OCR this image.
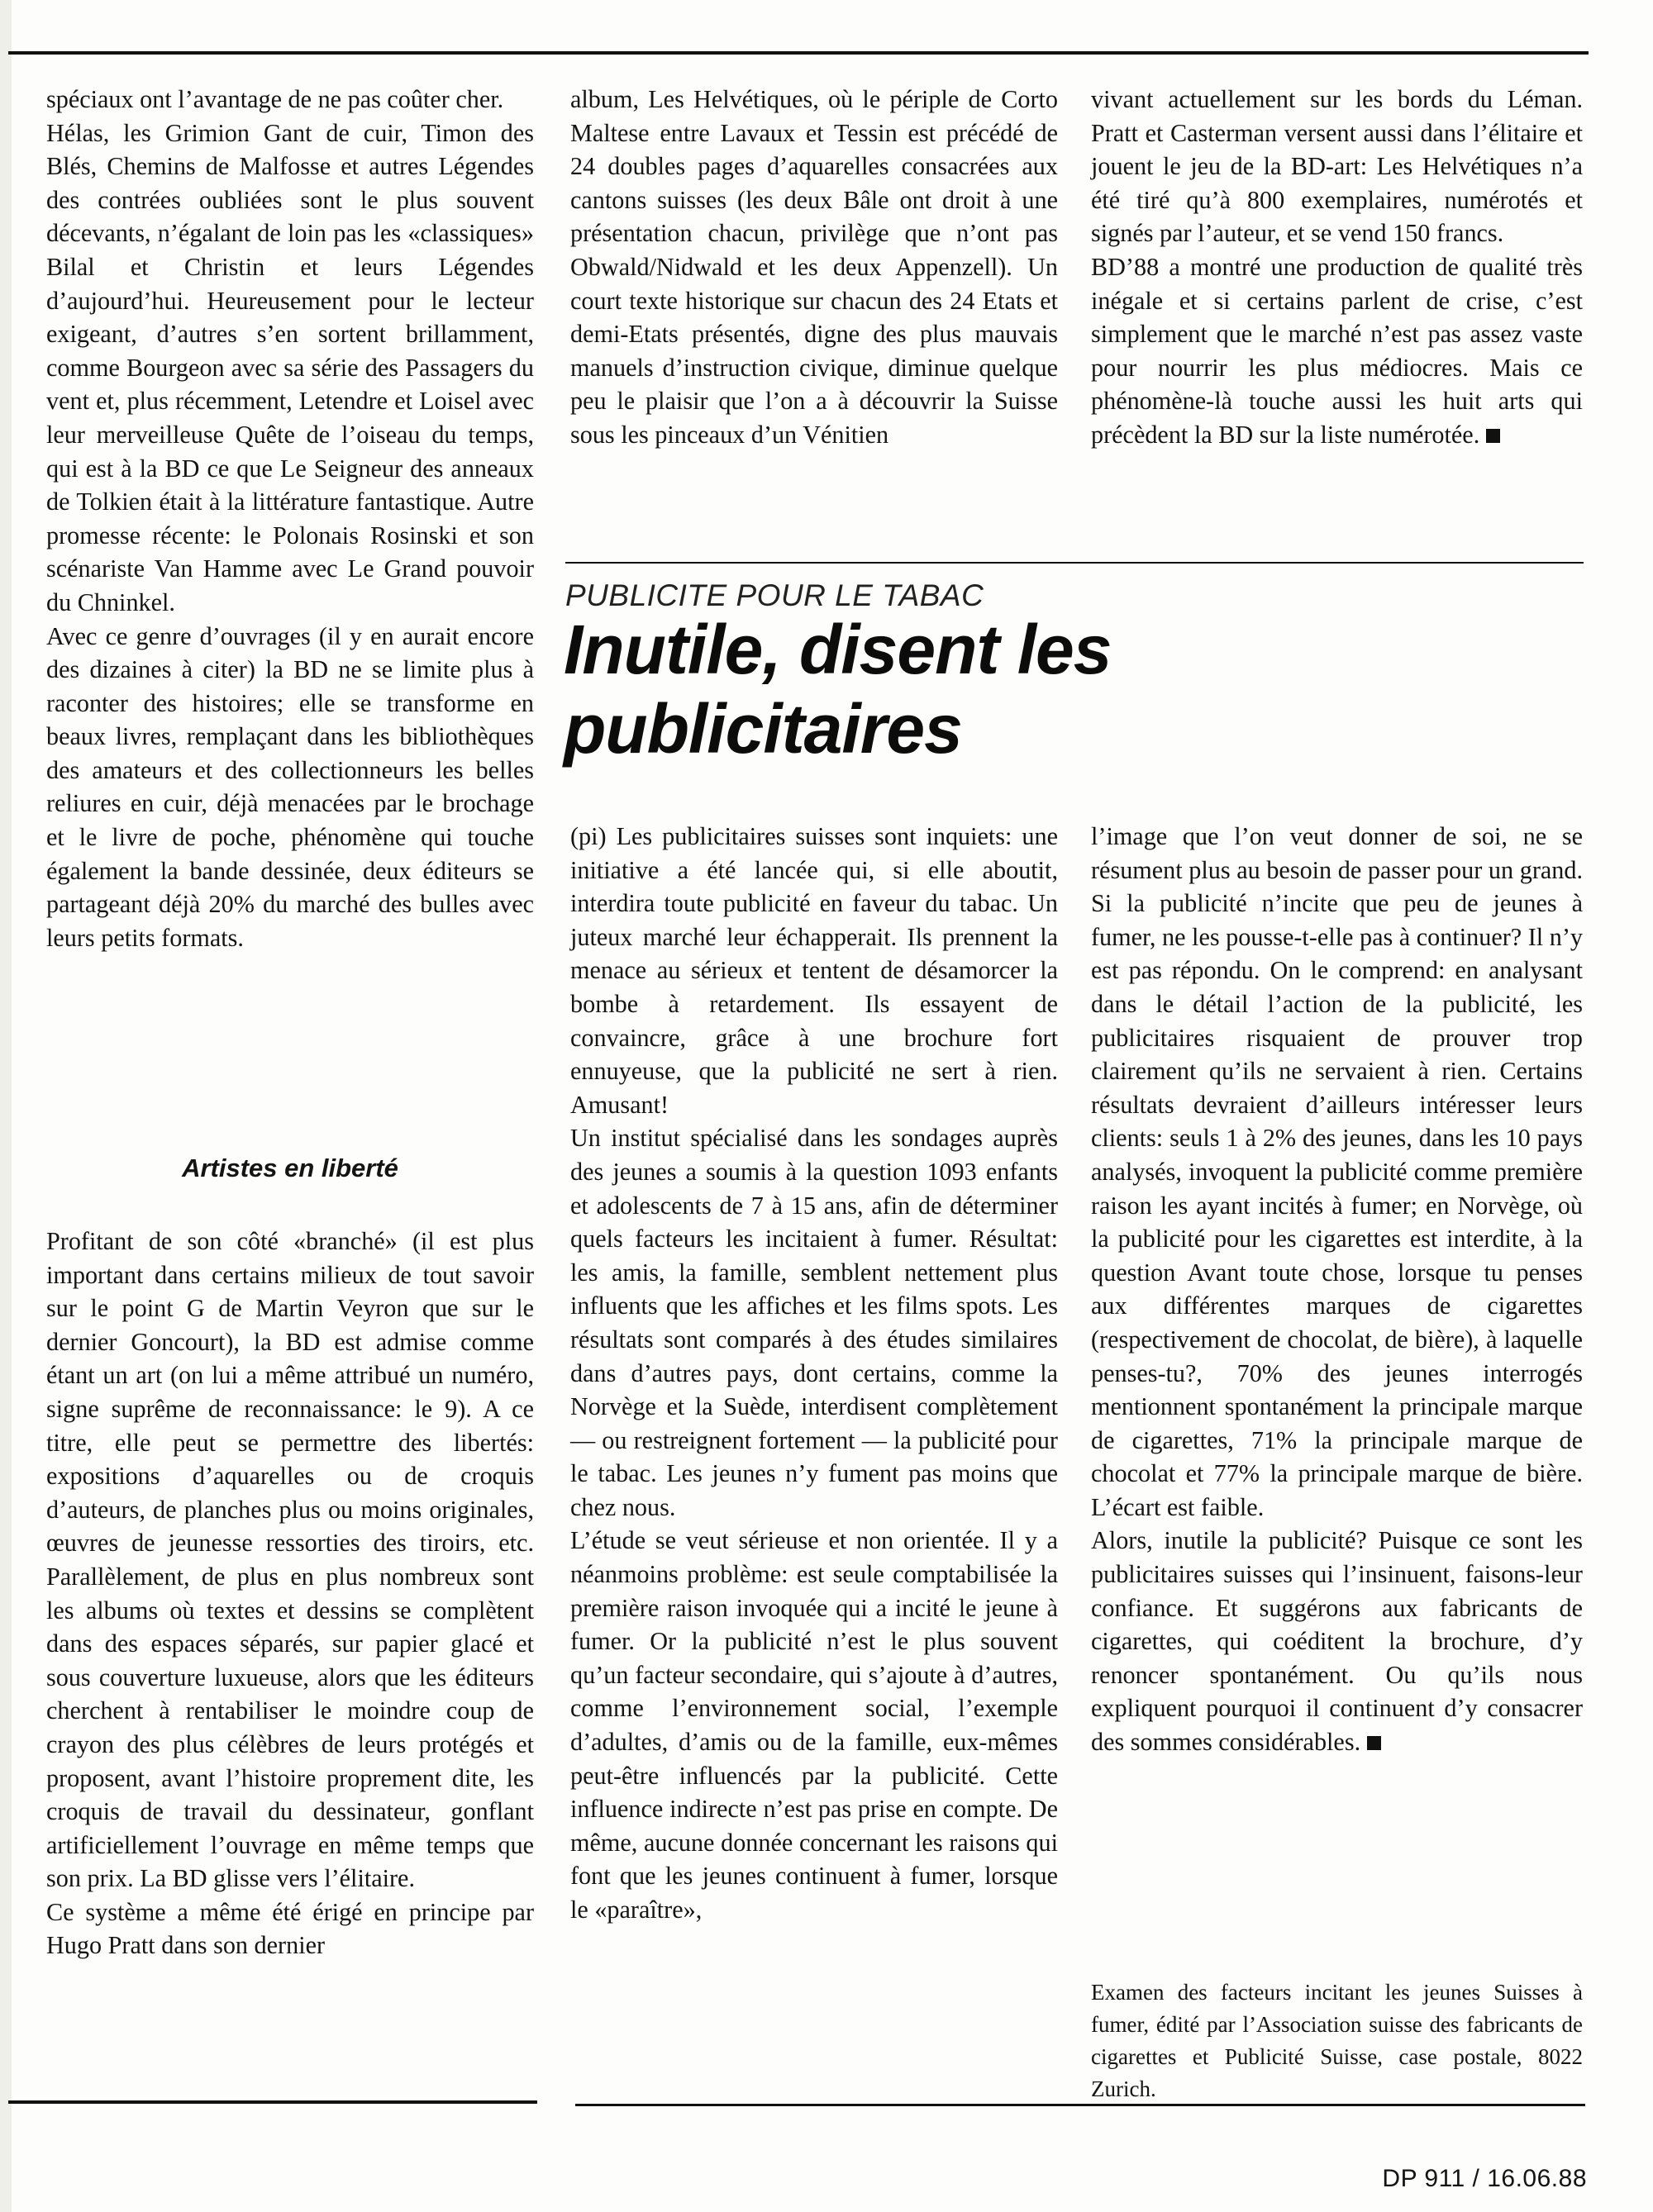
spéciaux ont l’avantage de ne pas coûter cher.

Hélas, les Grimion Gant de cuir, Timon des Blés, Chemins de Malfosse et autres Légendes des contrées oubliées sont le plus souvent décevants, n’égalant de loin pas les «classiques» Bilal et Christin et leurs Légendes d’aujourd’hui. Heureusement pour le lecteur exigeant, d’autres s’en sortent brillamment, comme Bourgeon avec sa série des Passagers du vent et, plus récemment, Letendre et Loisel avec leur merveilleuse Quête de l’oiseau du temps, qui est à la BD ce que Le Seigneur des anneaux de Tolkien était à la littérature fantastique. Autre promesse récente: le Polonais Rosinski et son scénariste Van Hamme avec Le Grand pouvoir du Chninkel.

Avec ce genre d’ouvrages (il y en aurait encore des dizaines à citer) la BD ne se limite plus à raconter des histoires; elle se transforme en beaux livres, remplaçant dans les bibliothèques des amateurs et des collectionneurs les belles reliures en cuir, déjà menacées par le brochage et le livre de poche, phénomène qui touche également la bande dessinée, deux éditeurs se partageant déjà 20% du marché des bulles avec leurs petits formats.

Artistes en liberté

Profitant de son côté «branché» (il est plus important dans certains milieux de tout savoir sur le point G de Martin Veyron que sur le dernier Goncourt), la BD est admise comme étant un art (on lui a même attribué un numéro, signe suprême de reconnaissance: le 9). A ce titre, elle peut se permettre des libertés: expositions d’aquarelles ou de croquis d’auteurs, de planches plus ou moins originales, œuvres de jeunesse ressorties des tiroirs, etc. Parallèlement, de plus en plus nombreux sont les albums où textes et dessins se complètent dans des espaces séparés, sur papier glacé et sous couverture luxueuse, alors que les éditeurs cherchent à rentabiliser le moindre coup de crayon des plus célèbres de leurs protégés et proposent, avant l’histoire proprement dite, les croquis de travail du dessinateur, gonflant artificiellement l’ouvrage en même temps que son prix. La BD glisse vers l’élitaire.

Ce système a même été érigé en principe par Hugo Pratt dans son dernier

album, Les Helvétiques, où le périple de Corto Maltese entre Lavaux et Tessin est précédé de 24 doubles pages d’aquarelles consacrées aux cantons suisses (les deux Bâle ont droit à une présentation chacun, privilège que n’ont pas Obwald/Nidwald et les deux Appenzell). Un court texte historique sur chacun des 24 Etats et demi-Etats présentés, digne des plus mauvais manuels d’instruction civique, diminue quelque peu le plaisir que l’on a à découvrir la Suisse sous les pinceaux d’un Vénitien

vivant actuellement sur les bords du Léman. Pratt et Casterman versent aussi dans l’élitaire et jouent le jeu de la BD-art: Les Helvétiques n’a été tiré qu’à 800 exemplaires, numérotés et signés par l’auteur, et se vend 150 francs.

BD’88 a montré une production de qualité très inégale et si certains parlent de crise, c’est simplement que le marché n’est pas assez vaste pour nourrir les plus médiocres. Mais ce phénomène-là touche aussi les huit arts qui précèdent la BD sur la liste numérotée.

PUBLICITE POUR LE TABAC
Inutile, disent les
publicitaires

(pi) Les publicitaires suisses sont inquiets: une initiative a été lancée qui, si elle aboutit, interdira toute publicité en faveur du tabac. Un juteux marché leur échapperait. Ils prennent la menace au sérieux et tentent de désamorcer la bombe à retardement. Ils essayent de convaincre, grâce à une brochure fort ennuyeuse, que la publicité ne sert à rien. Amusant!

Un institut spécialisé dans les sondages auprès des jeunes a soumis à la question 1093 enfants et adolescents de 7 à 15 ans, afin de déterminer quels facteurs les incitaient à fumer. Résultat: les amis, la famille, semblent nettement plus influents que les affiches et les films spots. Les résultats sont comparés à des études similaires dans d’autres pays, dont certains, comme la Norvège et la Suède, interdisent complètement — ou restreignent fortement — la publicité pour le tabac. Les jeunes n’y fument pas moins que chez nous.

L’étude se veut sérieuse et non orientée. Il y a néanmoins problème: est seule comptabilisée la première raison invoquée qui a incité le jeune à fumer. Or la publicité n’est le plus souvent qu’un facteur secondaire, qui s’ajoute à d’autres, comme l’environnement social, l’exemple d’adultes, d’amis ou de la famille, eux-mêmes peut-être influencés par la publicité. Cette influence indirecte n’est pas prise en compte. De même, aucune donnée concernant les raisons qui font que les jeunes continuent à fumer, lorsque le «paraître»,

l’image que l’on veut donner de soi, ne se résument plus au besoin de passer pour un grand. Si la publicité n’incite que peu de jeunes à fumer, ne les pousse-t-elle pas à continuer? Il n’y est pas répondu. On le comprend: en analysant dans le détail l’action de la publicité, les publicitaires risquaient de prouver trop clairement qu’ils ne servaient à rien. Certains résultats devraient d’ailleurs intéresser leurs clients: seuls 1 à 2% des jeunes, dans les 10 pays analysés, invoquent la publicité comme première raison les ayant incités à fumer; en Norvège, où la publicité pour les cigarettes est interdite, à la question Avant toute chose, lorsque tu penses aux différentes marques de cigarettes (respectivement de chocolat, de bière), à laquelle penses-tu?, 70% des jeunes interrogés mentionnent spontanément la principale marque de cigarettes, 71% la principale marque de chocolat et 77% la principale marque de bière. L’écart est faible.

Alors, inutile la publicité? Puisque ce sont les publicitaires suisses qui l’insinuent, faisons-leur confiance. Et suggérons aux fabricants de cigarettes, qui coéditent la brochure, d’y renoncer spontanément. Ou qu’ils nous expliquent pourquoi il continuent d’y consacrer des sommes considérables.

Examen des facteurs incitant les jeunes Suisses à fumer, édité par l’Association suisse des fabricants de cigarettes et Publicité Suisse, case postale, 8022 Zurich.
DP 911 / 16.06.88
